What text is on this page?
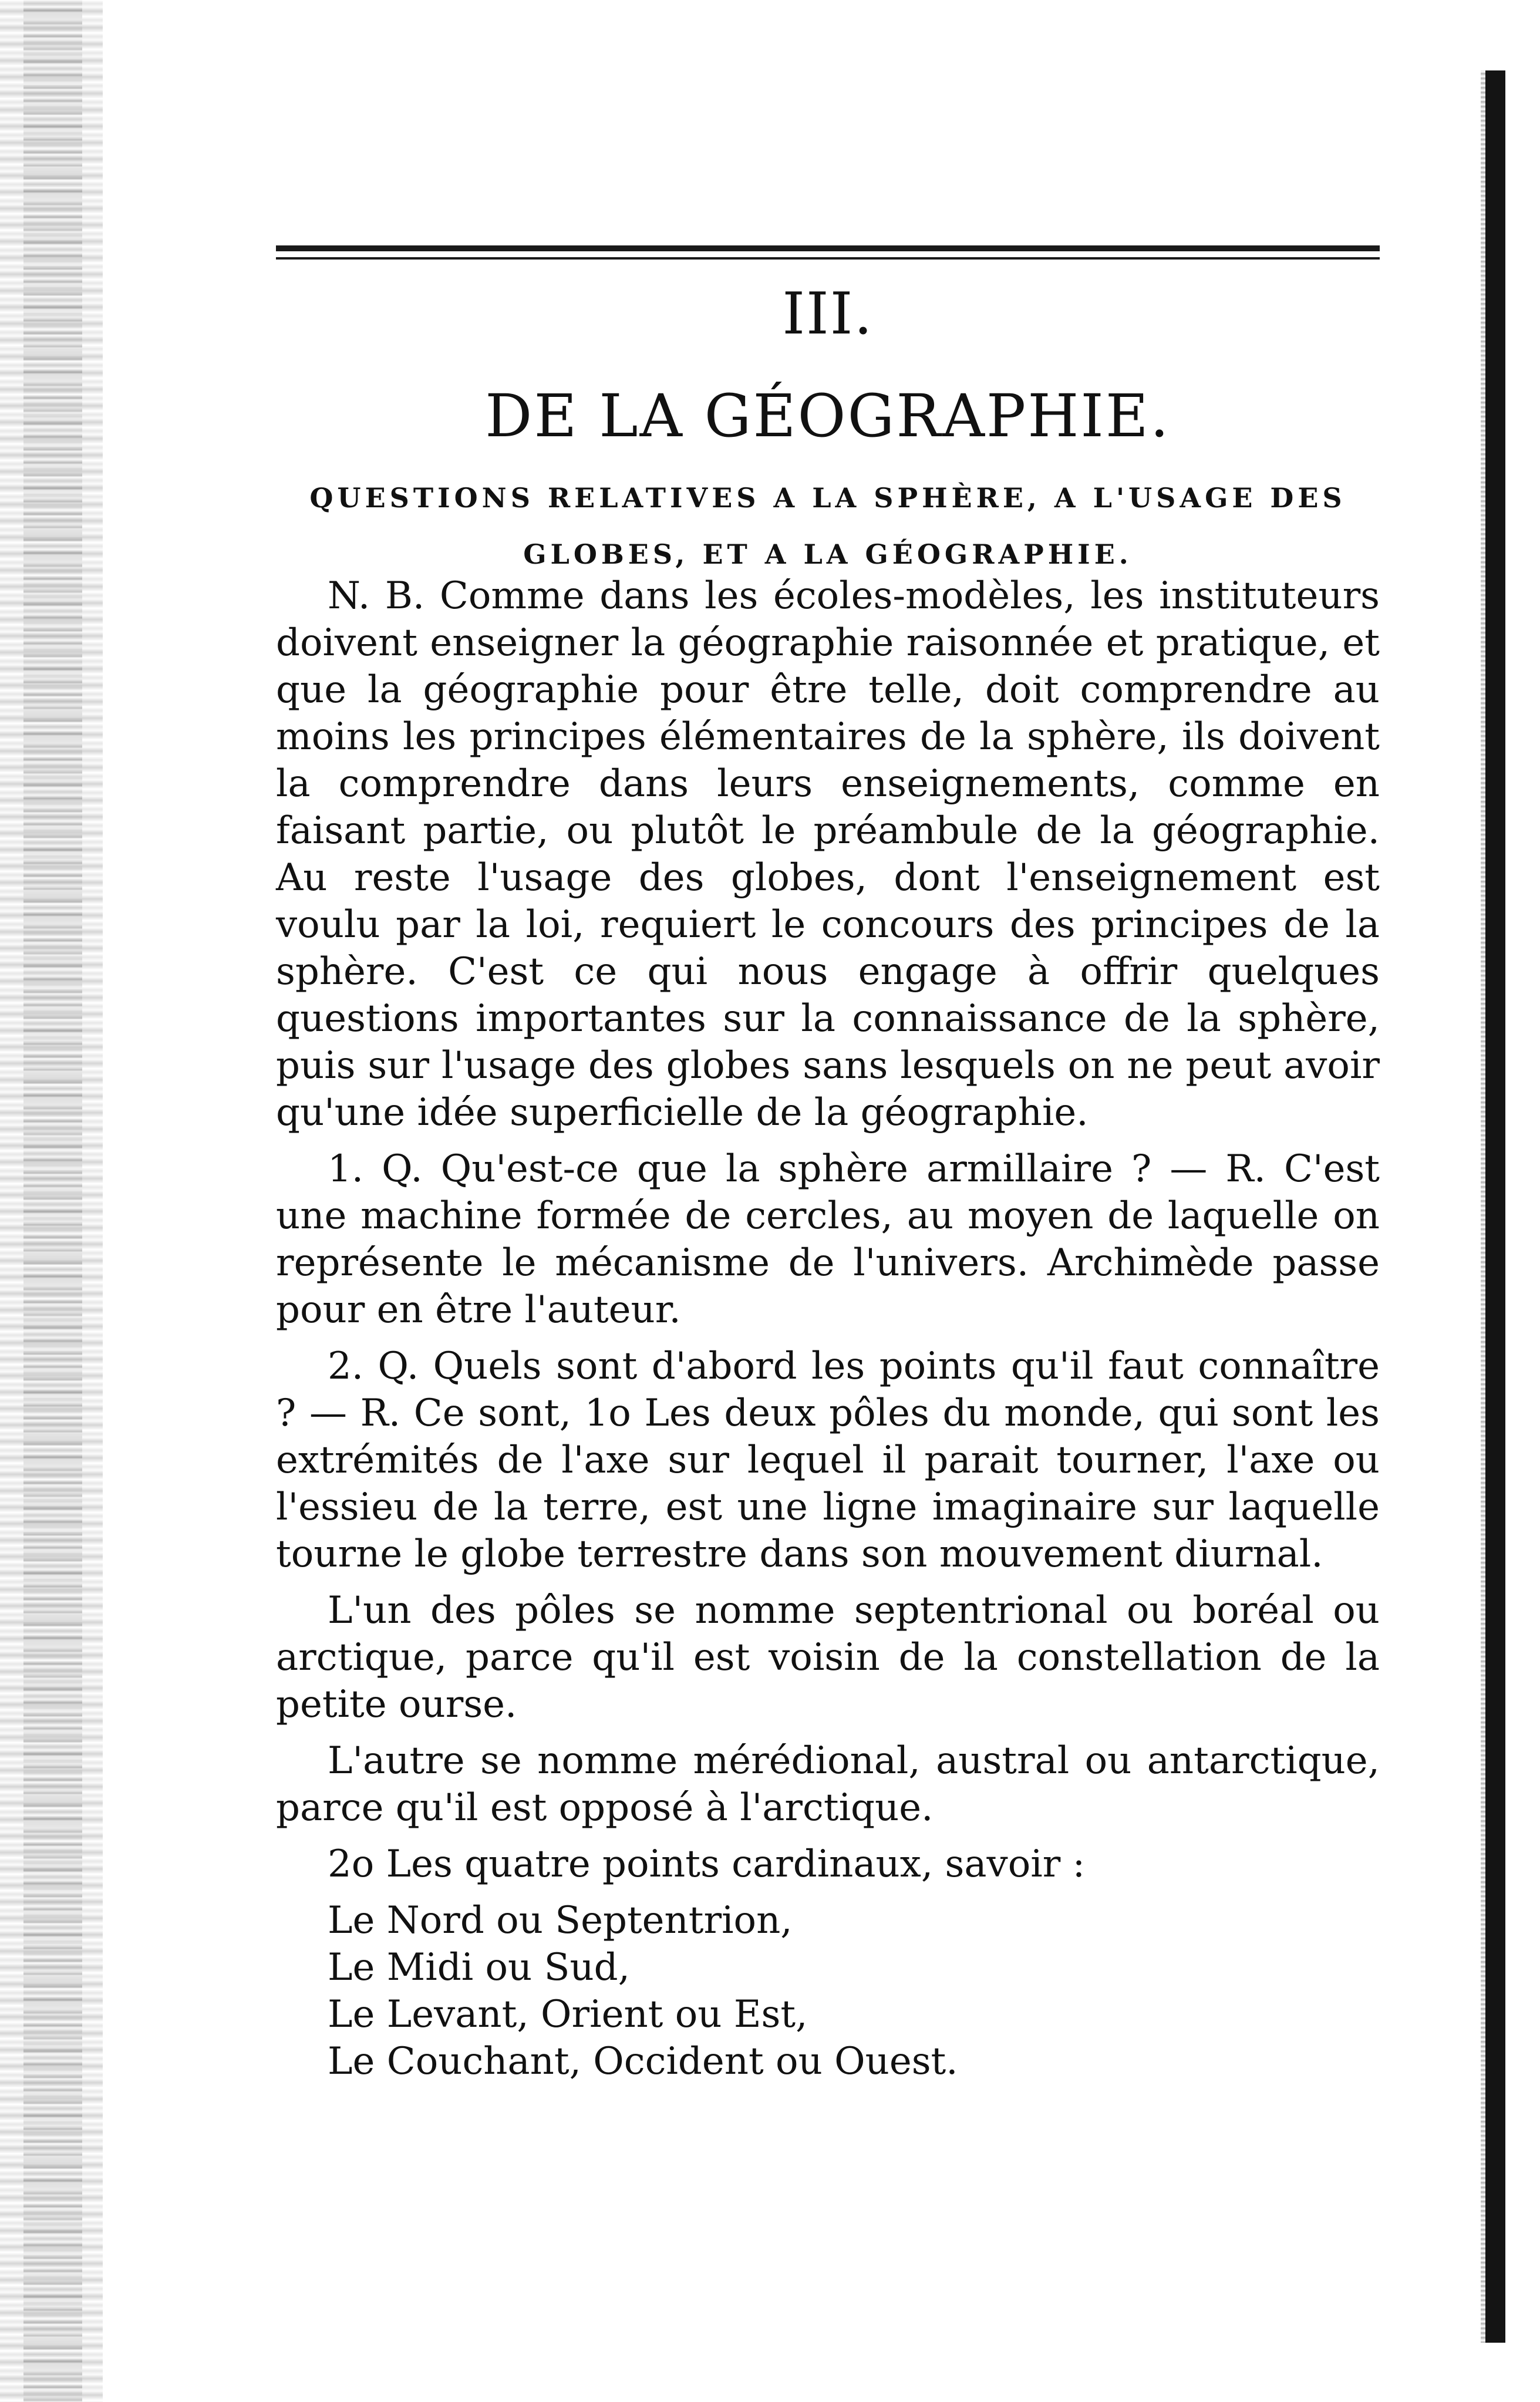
III.
DE LA GÉOGRAPHIE.
QUESTIONS RELATIVES A LA SPHÈRE, A L'USAGE DES GLOBES, ET A LA GÉOGRAPHIE.

N. B. Comme dans les écoles-modèles, les instituteurs doivent enseigner la géographie raisonnée et pratique, et que la géographie pour être telle, doit comprendre au moins les principes élémentaires de la sphère, ils doivent la comprendre dans leurs enseignements, comme en faisant partie, ou plutôt le préambule de la géographie. Au reste l'usage des globes, dont l'enseignement est voulu par la loi, requiert le concours des principes de la sphère. C'est ce qui nous engage à offrir quelques questions importantes sur la connaissance de la sphère, puis sur l'usage des globes sans lesquels on ne peut avoir qu'une idée superficielle de la géographie.

1. Q. Qu'est-ce que la sphère armillaire ? — R. C'est une machine formée de cercles, au moyen de laquelle on représente le mécanisme de l'univers. Archimède passe pour en être l'auteur.

2. Q. Quels sont d'abord les points qu'il faut connaître ? — R. Ce sont, 1o Les deux pôles du monde, qui sont les extrémités de l'axe sur lequel il parait tourner, l'axe ou l'essieu de la terre, est une ligne imaginaire sur laquelle tourne le globe terrestre dans son mouvement diurnal.

L'un des pôles se nomme septentrional ou boréal ou arctique, parce qu'il est voisin de la constellation de la petite ourse.

L'autre se nomme mérédional, austral ou antarctique, parce qu'il est opposé à l'arctique.

2o Les quatre points cardinaux, savoir :

Le Nord ou Septentrion,
Le Midi ou Sud,
Le Levant, Orient ou Est,
Le Couchant, Occident ou Ouest.
